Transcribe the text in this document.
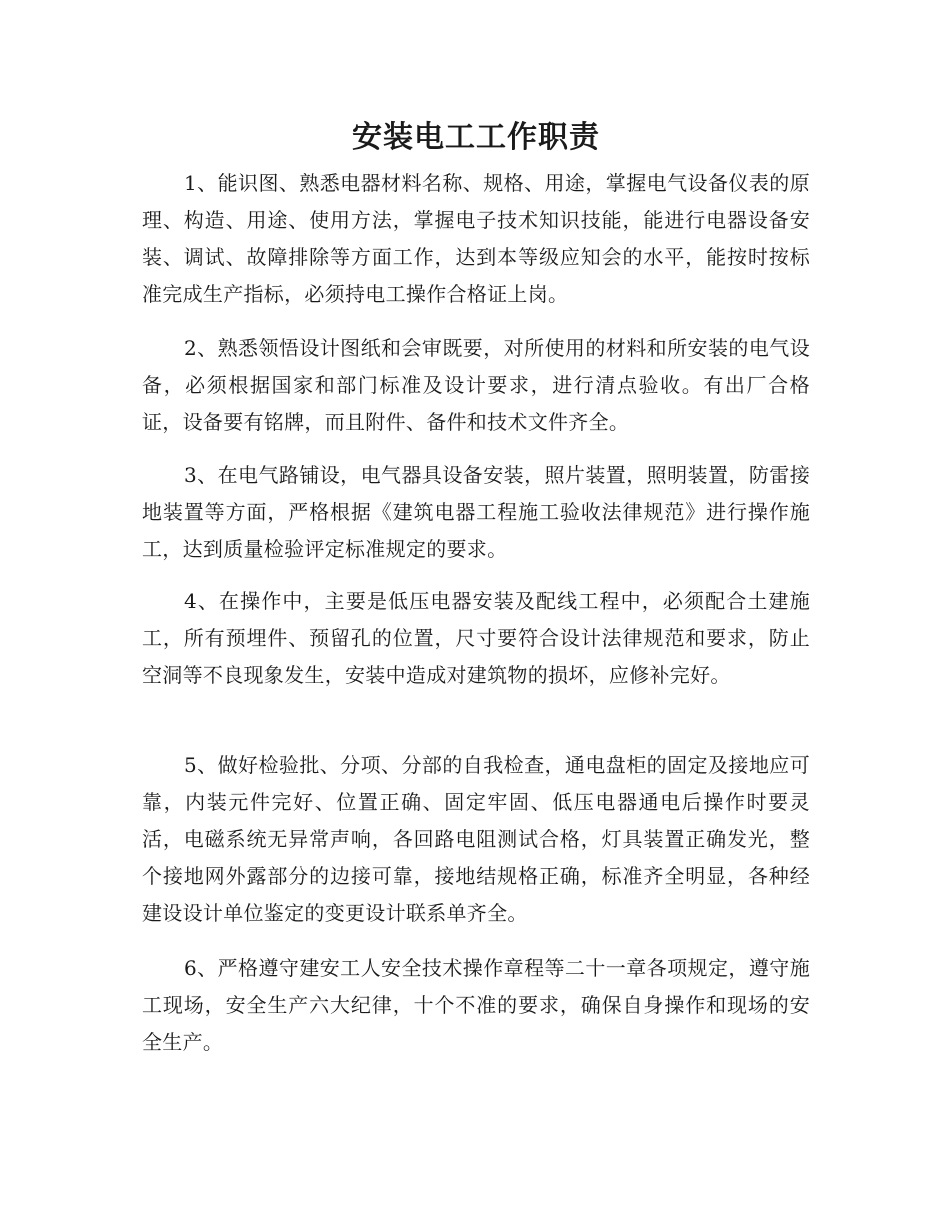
安装电工工作职责

1、能识图、熟悉电器材料名称、规格、用途，掌握电气设备仪表的原理、构造、用途、使用方法，掌握电子技术知识技能，能进行电器设备安装、调试、故障排除等方面工作，达到本等级应知会的水平，能按时按标准完成生产指标，必须持电工操作合格证上岗。

2、熟悉领悟设计图纸和会审既要，对所使用的材料和所安装的电气设备，必须根据国家和部门标准及设计要求，进行清点验收。有出厂合格证，设备要有铭牌，而且附件、备件和技术文件齐全。

3、在电气路铺设，电气器具设备安装，照片装置，照明装置，防雷接地装置等方面，严格根据《建筑电器工程施工验收法律规范》进行操作施工，达到质量检验评定标准规定的要求。

4、在操作中，主要是低压电器安装及配线工程中，必须配合土建施工，所有预埋件、预留孔的位置，尺寸要符合设计法律规范和要求，防止空洞等不良现象发生，安装中造成对建筑物的损坏，应修补完好。

5、做好检验批、分项、分部的自我检查，通电盘柜的固定及接地应可靠，内装元件完好、位置正确、固定牢固、低压电器通电后操作时要灵活，电磁系统无异常声响，各回路电阻测试合格，灯具装置正确发光，整个接地网外露部分的边接可靠，接地结规格正确，标准齐全明显，各种经建设设计单位鉴定的变更设计联系单齐全。

6、严格遵守建安工人安全技术操作章程等二十一章各项规定，遵守施工现场，安全生产六大纪律，十个不准的要求，确保自身操作和现场的安全生产。
